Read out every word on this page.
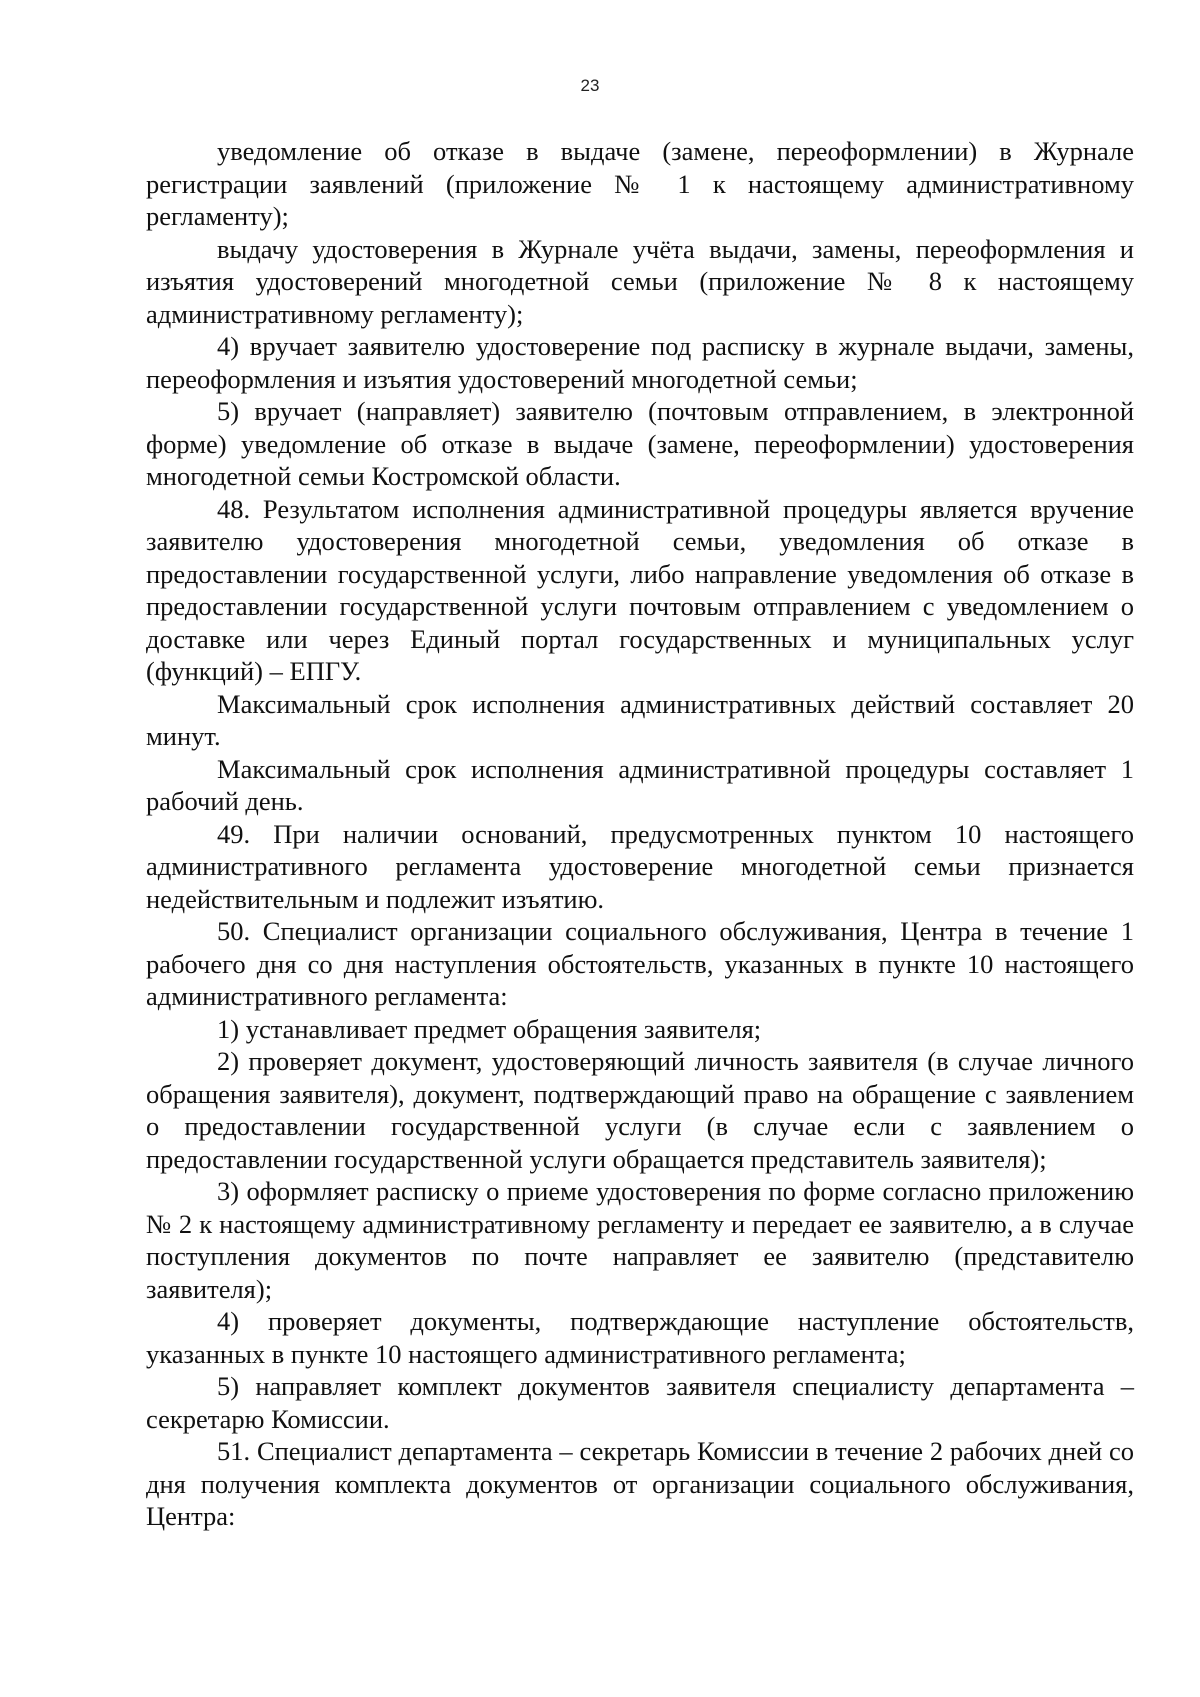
23

уведомление об отказе в выдаче (замене, переоформлении) в Журнале регистрации заявлений (приложение № 1 к настоящему административному регламенту);

выдачу удостоверения в Журнале учёта выдачи, замены, переоформления и изъятия удостоверений многодетной семьи (приложение № 8 к настоящему административному регламенту);

4) вручает заявителю удостоверение под расписку в журнале выдачи, замены, переоформления и изъятия удостоверений многодетной семьи;

5) вручает (направляет) заявителю (почтовым отправлением, в электронной форме) уведомление об отказе в выдаче (замене, переоформлении) удостоверения многодетной семьи Костромской области.

48. Результатом исполнения административной процедуры является вручение заявителю удостоверения многодетной семьи, уведомления об отказе в предоставлении государственной услуги, либо направление уведомления об отказе в предоставлении государственной услуги почтовым отправлением с уведомлением о доставке или через Единый портал государственных и муниципальных услуг (функций) – ЕПГУ.

Максимальный срок исполнения административных действий составляет 20 минут.

Максимальный срок исполнения административной процедуры составляет 1 рабочий день.

49. При наличии оснований, предусмотренных пунктом 10 настоящего административного регламента удостоверение многодетной семьи признается недействительным и подлежит изъятию.

50. Специалист организации социального обслуживания, Центра в течение 1 рабочего дня со дня наступления обстоятельств, указанных в пункте 10 настоящего административного регламента:

1) устанавливает предмет обращения заявителя;

2) проверяет документ, удостоверяющий личность заявителя (в случае личного обращения заявителя), документ, подтверждающий право на обращение с заявлением о предоставлении государственной услуги (в случае если с заявлением о предоставлении государственной услуги обращается представитель заявителя);

3) оформляет расписку о приеме удостоверения по форме согласно приложению № 2 к настоящему административному регламенту и передает ее заявителю, а в случае поступления документов по почте направляет ее заявителю (представителю заявителя);

4) проверяет документы, подтверждающие наступление обстоятельств, указанных в пункте 10 настоящего административного регламента;

5) направляет комплект документов заявителя специалисту департамента – секретарю Комиссии.

51. Специалист департамента – секретарь Комиссии в течение 2 рабочих дней со дня получения комплекта документов от организации социального обслуживания, Центра:
